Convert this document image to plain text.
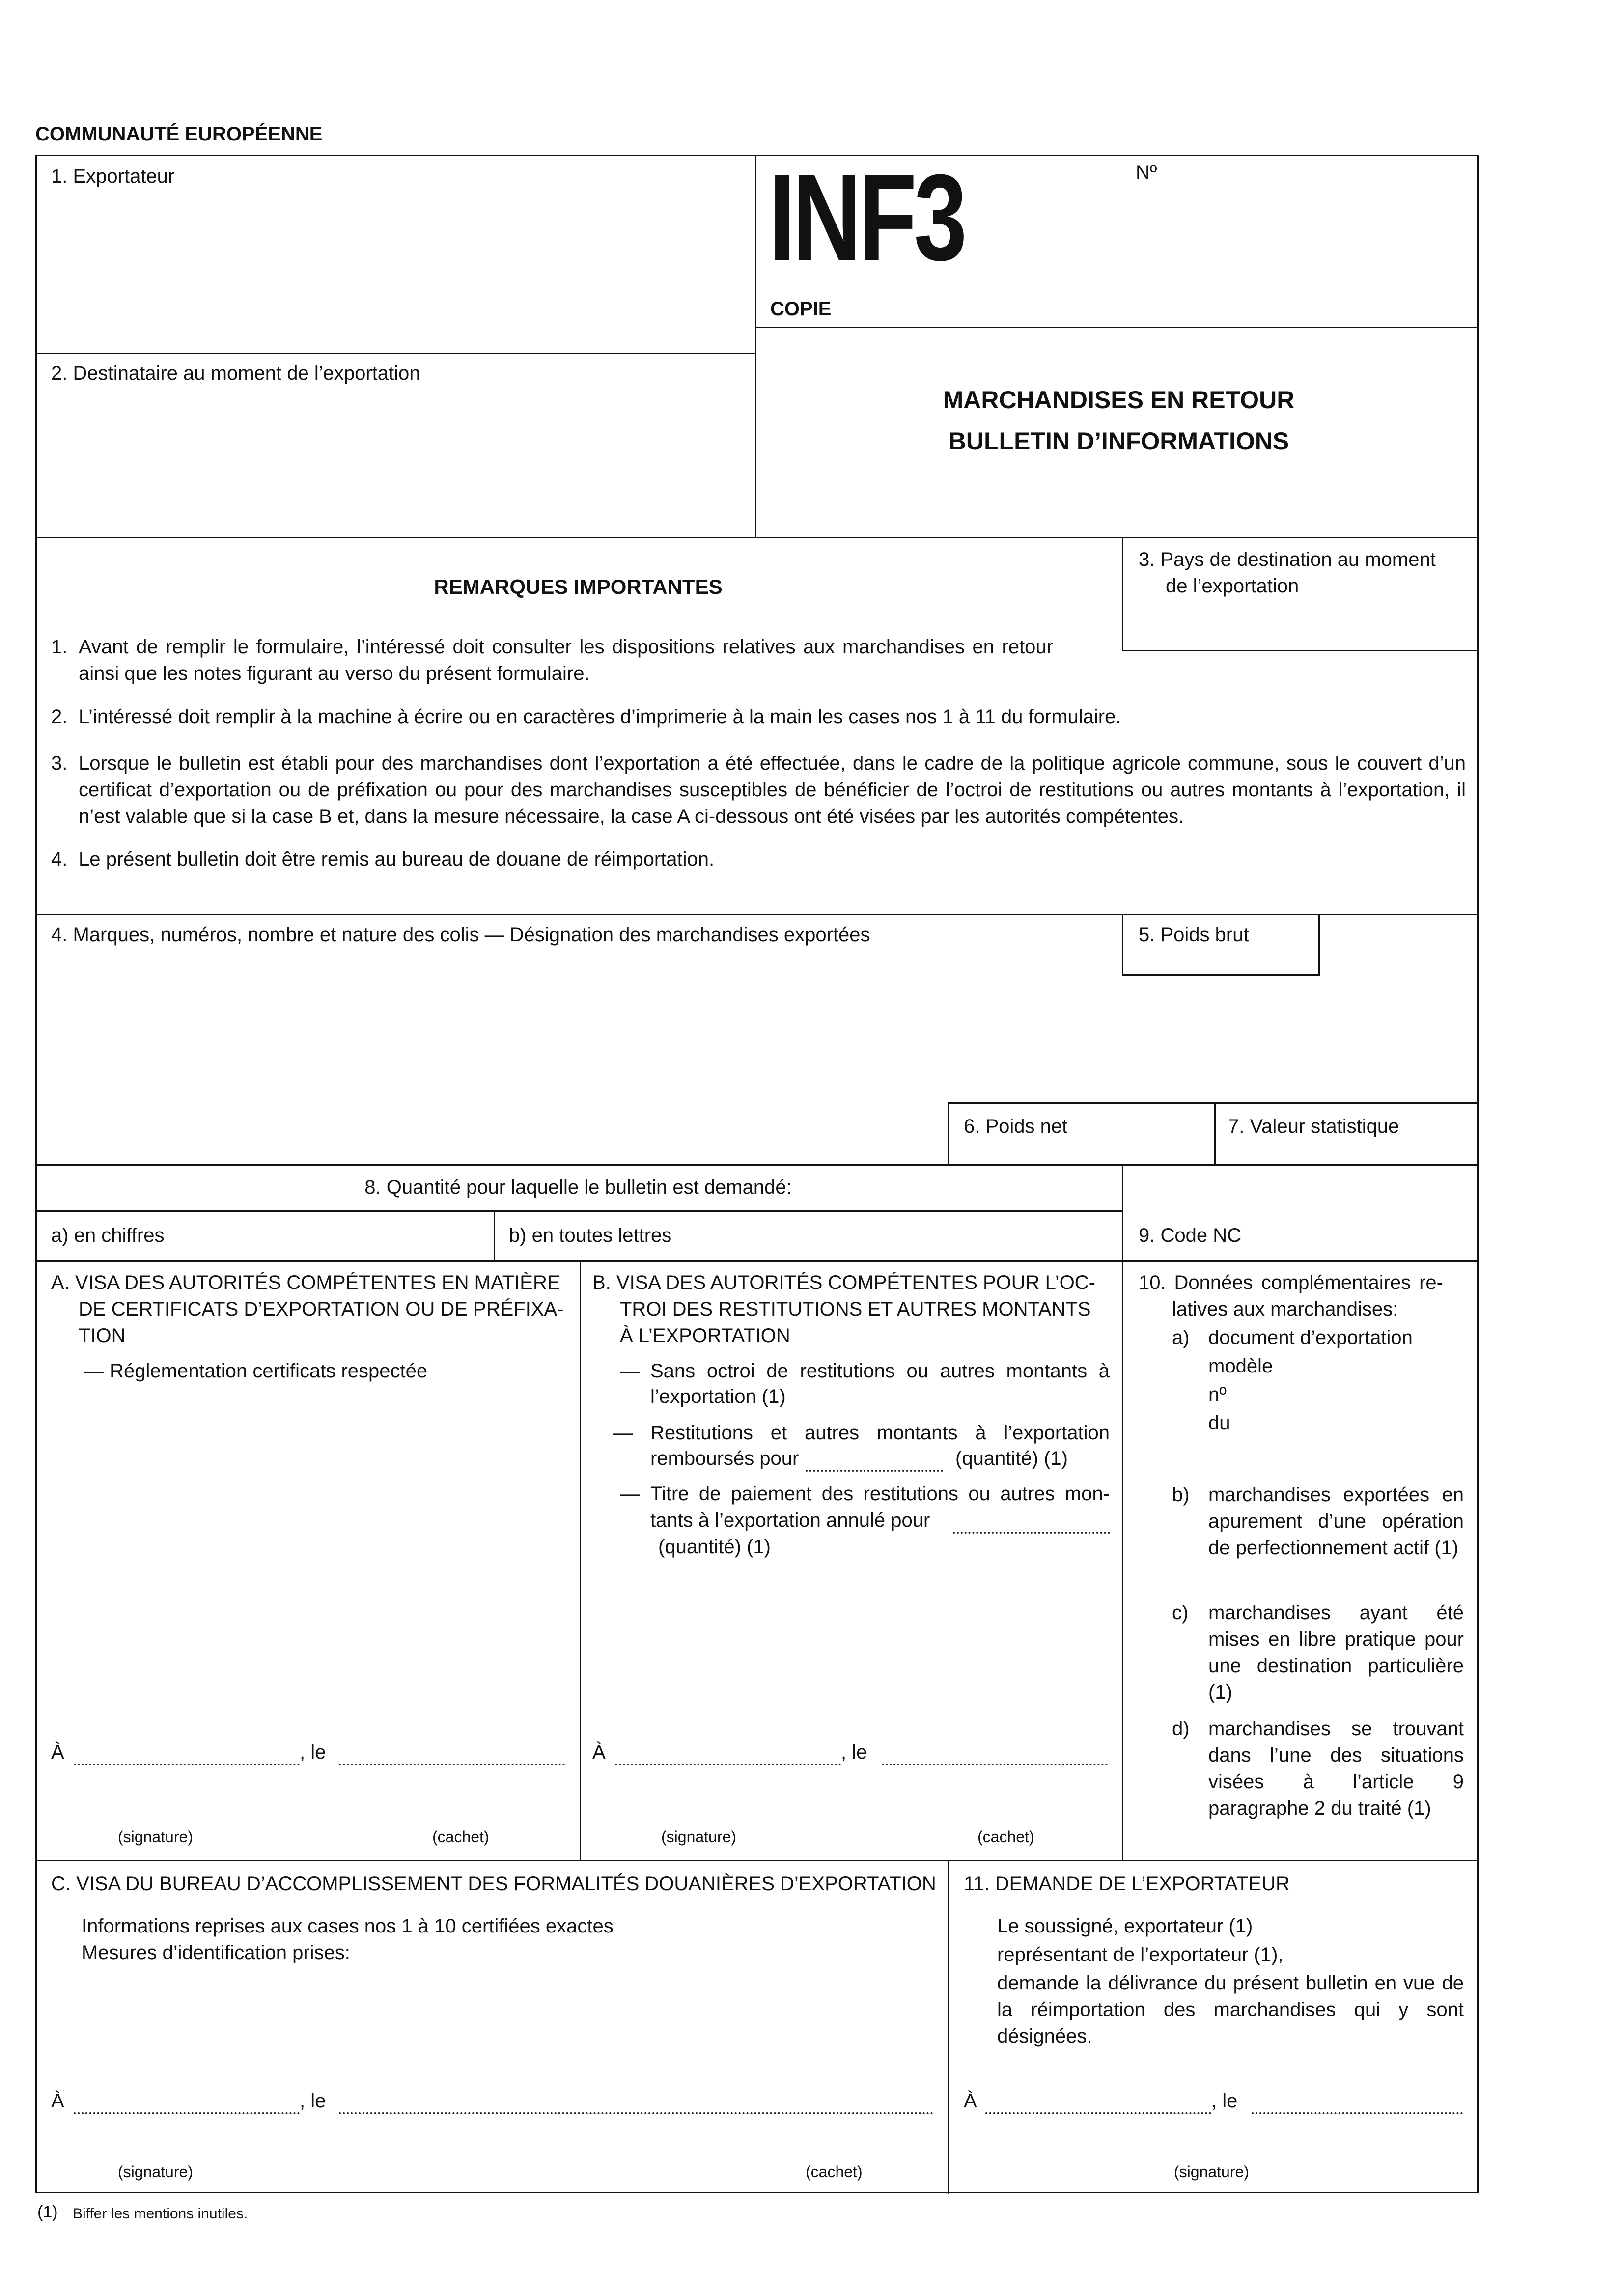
COMMUNAUTÉ EUROPÉENNE
1. Exportateur	INF3	Nº
COPIE
2. Destinataire au moment de l’exportation
MARCHANDISES EN RETOUR
BULLETIN D’INFORMATIONS
REMARQUES IMPORTANTES
3. Pays de destination au moment
de l’exportation
1. Avant de remplir le formulaire, l’intéressé doit consulter les dispositions relatives aux marchandises en retour ainsi que les notes figurant au verso du présent formulaire.
2. L’intéressé doit remplir à la machine à écrire ou en caractères d’imprimerie à la main les cases nos 1 à 11 du formulaire.
3. Lorsque le bulletin est établi pour des marchandises dont l’exportation a été effectuée, dans le cadre de la politique agricole commune, sous le couvert d’un certificat d’exportation ou de préfixation ou pour des marchandises susceptibles de bénéficier de l’octroi de restitutions ou autres montants à l’exportation, il n’est valable que si la case B et, dans la mesure nécessaire, la case A ci-dessous ont été visées par les autorités compétentes.
4. Le présent bulletin doit être remis au bureau de douane de réimportation.
4. Marques, numéros, nombre et nature des colis — Désignation des marchandises exportées	5. Poids brut
6. Poids net	7. Valeur statistique
8. Quantité pour laquelle le bulletin est demandé:
a) en chiffres	b) en toutes lettres	9. Code NC
A. VISA DES AUTORITÉS COMPÉTENTES EN MATIÈRE
DE CERTIFICATS D’EXPORTATION OU DE PRÉFIXA-
TION
— Réglementation certificats respectée
À	, le
(signature)	(cachet)
B. VISA DES AUTORITÉS COMPÉTENTES POUR L’OC-
TROI DES RESTITUTIONS ET AUTRES MONTANTS
À L’EXPORTATION
— Sans octroi de restitutions ou autres montants à
l’exportation (1)
— Restitutions et autres montants à l’exportation
remboursés pour	(quantité) (1)
— Titre de paiement des restitutions ou autres mon-
tants à l’exportation annulé pour
(quantité) (1)
À	, le
(signature)	(cachet)
10. Données complémentaires re-
latives aux marchandises:
a) document d’exportation
modèle
nº
du
b) marchandises exportées en apurement d’une opération de perfectionnement actif (1)
c) marchandises ayant été mises en libre pratique pour une destination particulière (1)
d) marchandises se trouvant dans l’une des situations visées à l’article 9 paragraphe 2 du traité (1)
C. VISA DU BUREAU D’ACCOMPLISSEMENT DES FORMALITÉS DOUANIÈRES D’EXPORTATION
Informations reprises aux cases nos 1 à 10 certifiées exactes
Mesures d’identification prises:
À	, le
(signature)	(cachet)
11. DEMANDE DE L’EXPORTATEUR
Le soussigné, exportateur (1)
représentant de l’exportateur (1),
demande la délivrance du présent bulletin en vue de la réimportation des marchandises qui y sont désignées.
À	, le
(signature)
(1) Biffer les mentions inutiles.
